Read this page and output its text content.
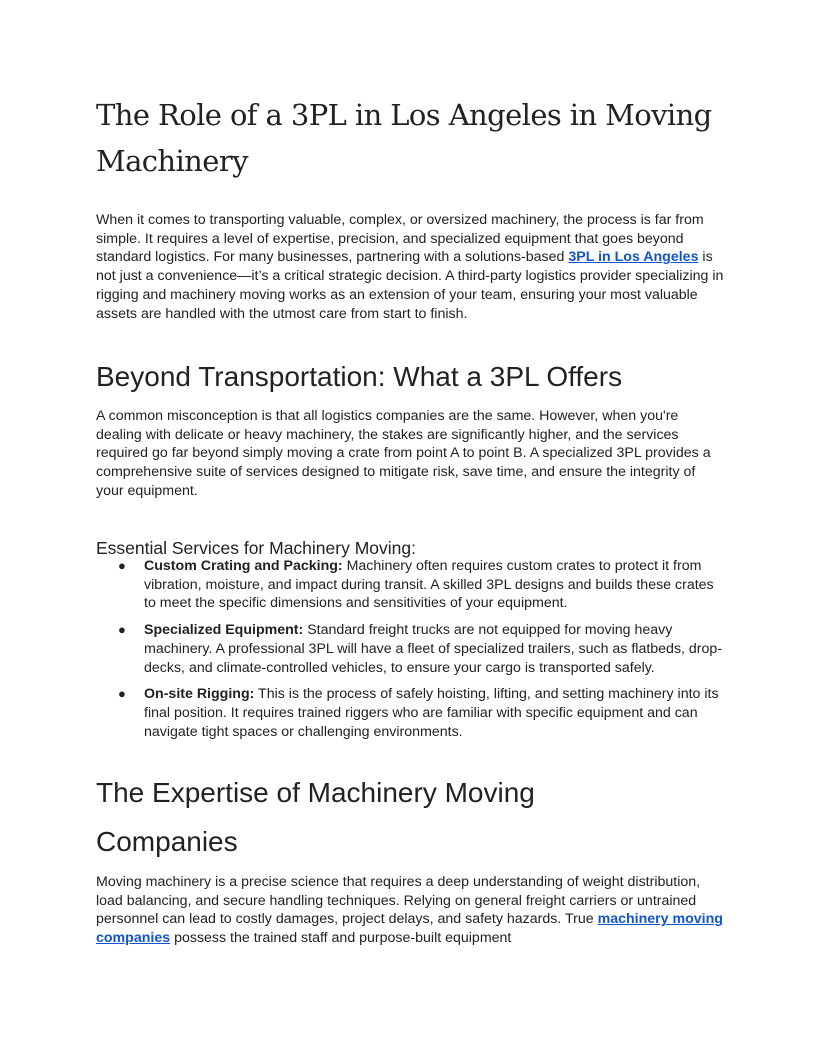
The Role of a 3PL in Los Angeles in Moving Machinery

When it comes to transporting valuable, complex, or oversized machinery, the process is far from simple. It requires a level of expertise, precision, and specialized equipment that goes beyond standard logistics. For many businesses, partnering with a solutions-based 3PL in Los Angeles is not just a convenience—it’s a critical strategic decision. A third-party logistics provider specializing in rigging and machinery moving works as an extension of your team, ensuring your most valuable assets are handled with the utmost care from start to finish.

Beyond Transportation: What a 3PL Offers

A common misconception is that all logistics companies are the same. However, when you're dealing with delicate or heavy machinery, the stakes are significantly higher, and the services required go far beyond simply moving a crate from point A to point B. A specialized 3PL provides a comprehensive suite of services designed to mitigate risk, save time, and ensure the integrity of your equipment.

Essential Services for Machinery Moving:
● Custom Crating and Packing: Machinery often requires custom crates to protect it from vibration, moisture, and impact during transit. A skilled 3PL designs and builds these crates to meet the specific dimensions and sensitivities of your equipment.
● Specialized Equipment: Standard freight trucks are not equipped for moving heavy machinery. A professional 3PL will have a fleet of specialized trailers, such as flatbeds, drop-decks, and climate-controlled vehicles, to ensure your cargo is transported safely.
● On-site Rigging: This is the process of safely hoisting, lifting, and setting machinery into its final position. It requires trained riggers who are familiar with specific equipment and can navigate tight spaces or challenging environments.
The Expertise of Machinery Moving Companies

Moving machinery is a precise science that requires a deep understanding of weight distribution, load balancing, and secure handling techniques. Relying on general freight carriers or untrained personnel can lead to costly damages, project delays, and safety hazards. True machinery moving companies possess the trained staff and purpose-built equipment
